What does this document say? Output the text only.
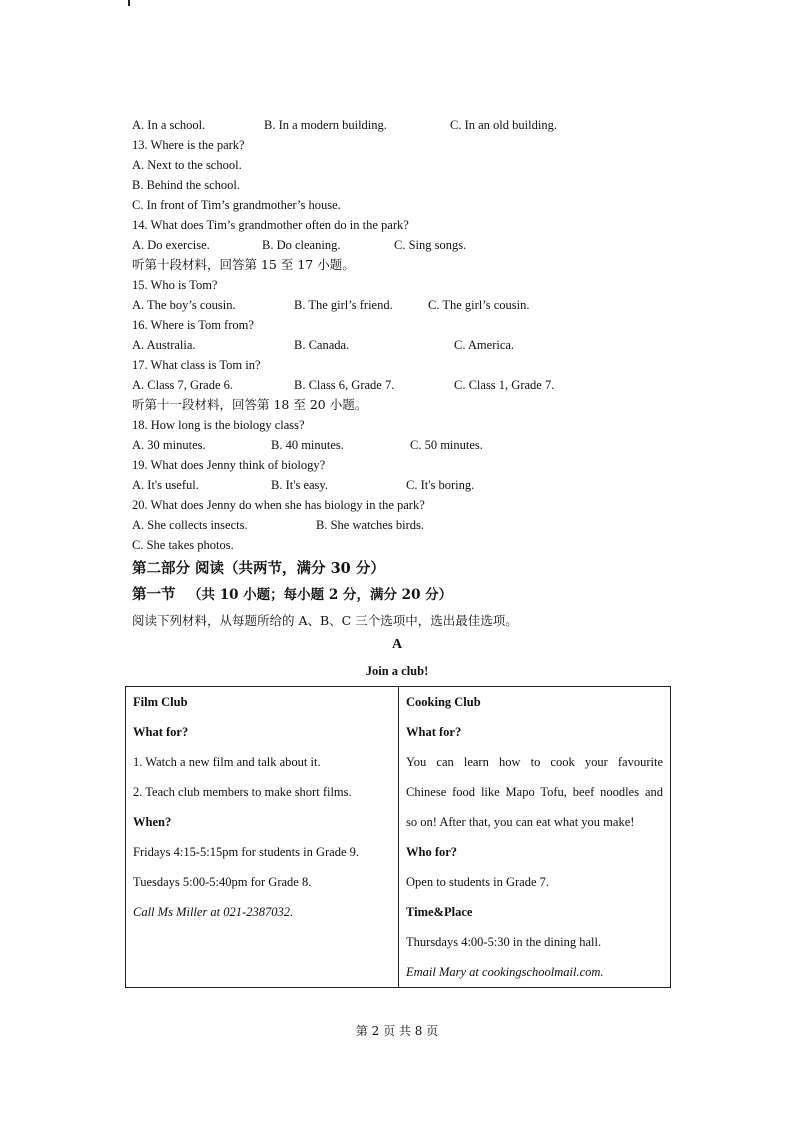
A. In a school.	B. In a modern building.	C. In an old building.
13. Where is the park?
A. Next to the school.
B. Behind the school.
C. In front of Tim’s grandmother’s house.
14. What does Tim’s grandmother often do in the park?
A. Do exercise.	B. Do cleaning.	C. Sing songs.
听第十段材料，回答第 15 至 17 小题。
15. Who is Tom?
A. The boy’s cousin.	B. The girl’s friend.	C. The girl’s cousin.
16. Where is Tom from?
A. Australia.	B. Canada.	C. America.
17. What class is Tom in?
A. Class 7, Grade 6.	B. Class 6, Grade 7.	C. Class 1, Grade 7.
听第十一段材料，回答第 18 至 20 小题。
18. How long is the biology class?
A. 30 minutes.	B. 40 minutes.	C. 50 minutes.
19. What does Jenny think of biology?
A. It's useful.	B. It's easy.	C. It's boring.
20. What does Jenny do when she has biology in the park?
A. She collects insects.	B. She watches birds.
C. She takes photos.
第二部分 阅读（共两节，满分 30 分）
第一节 （共 10 小题；每小题 2 分，满分 20 分）
阅读下列材料，从每题所给的 A、B、C 三个选项中，选出最佳选项。
A
Join a club!
Film Club
What for?
1. Watch a new film and talk about it.
2. Teach club members to make short films.
When?
Fridays 4:15-5:15pm for students in Grade 9.
Tuesdays 5:00-5:40pm for Grade 8.
Call Ms Miller at 021-2387032.

Cooking Club
What for?
You can learn how to cook your favourite
Chinese food like Mapo Tofu, beef noodles and
so on! After that, you can eat what you make!
Who for?
Open to students in Grade 7.
Time&Place
Thursdays 4:00-5:30 in the dining hall.
Email Mary at cookingschoolmail.com.
第 2 页 共 8 页
